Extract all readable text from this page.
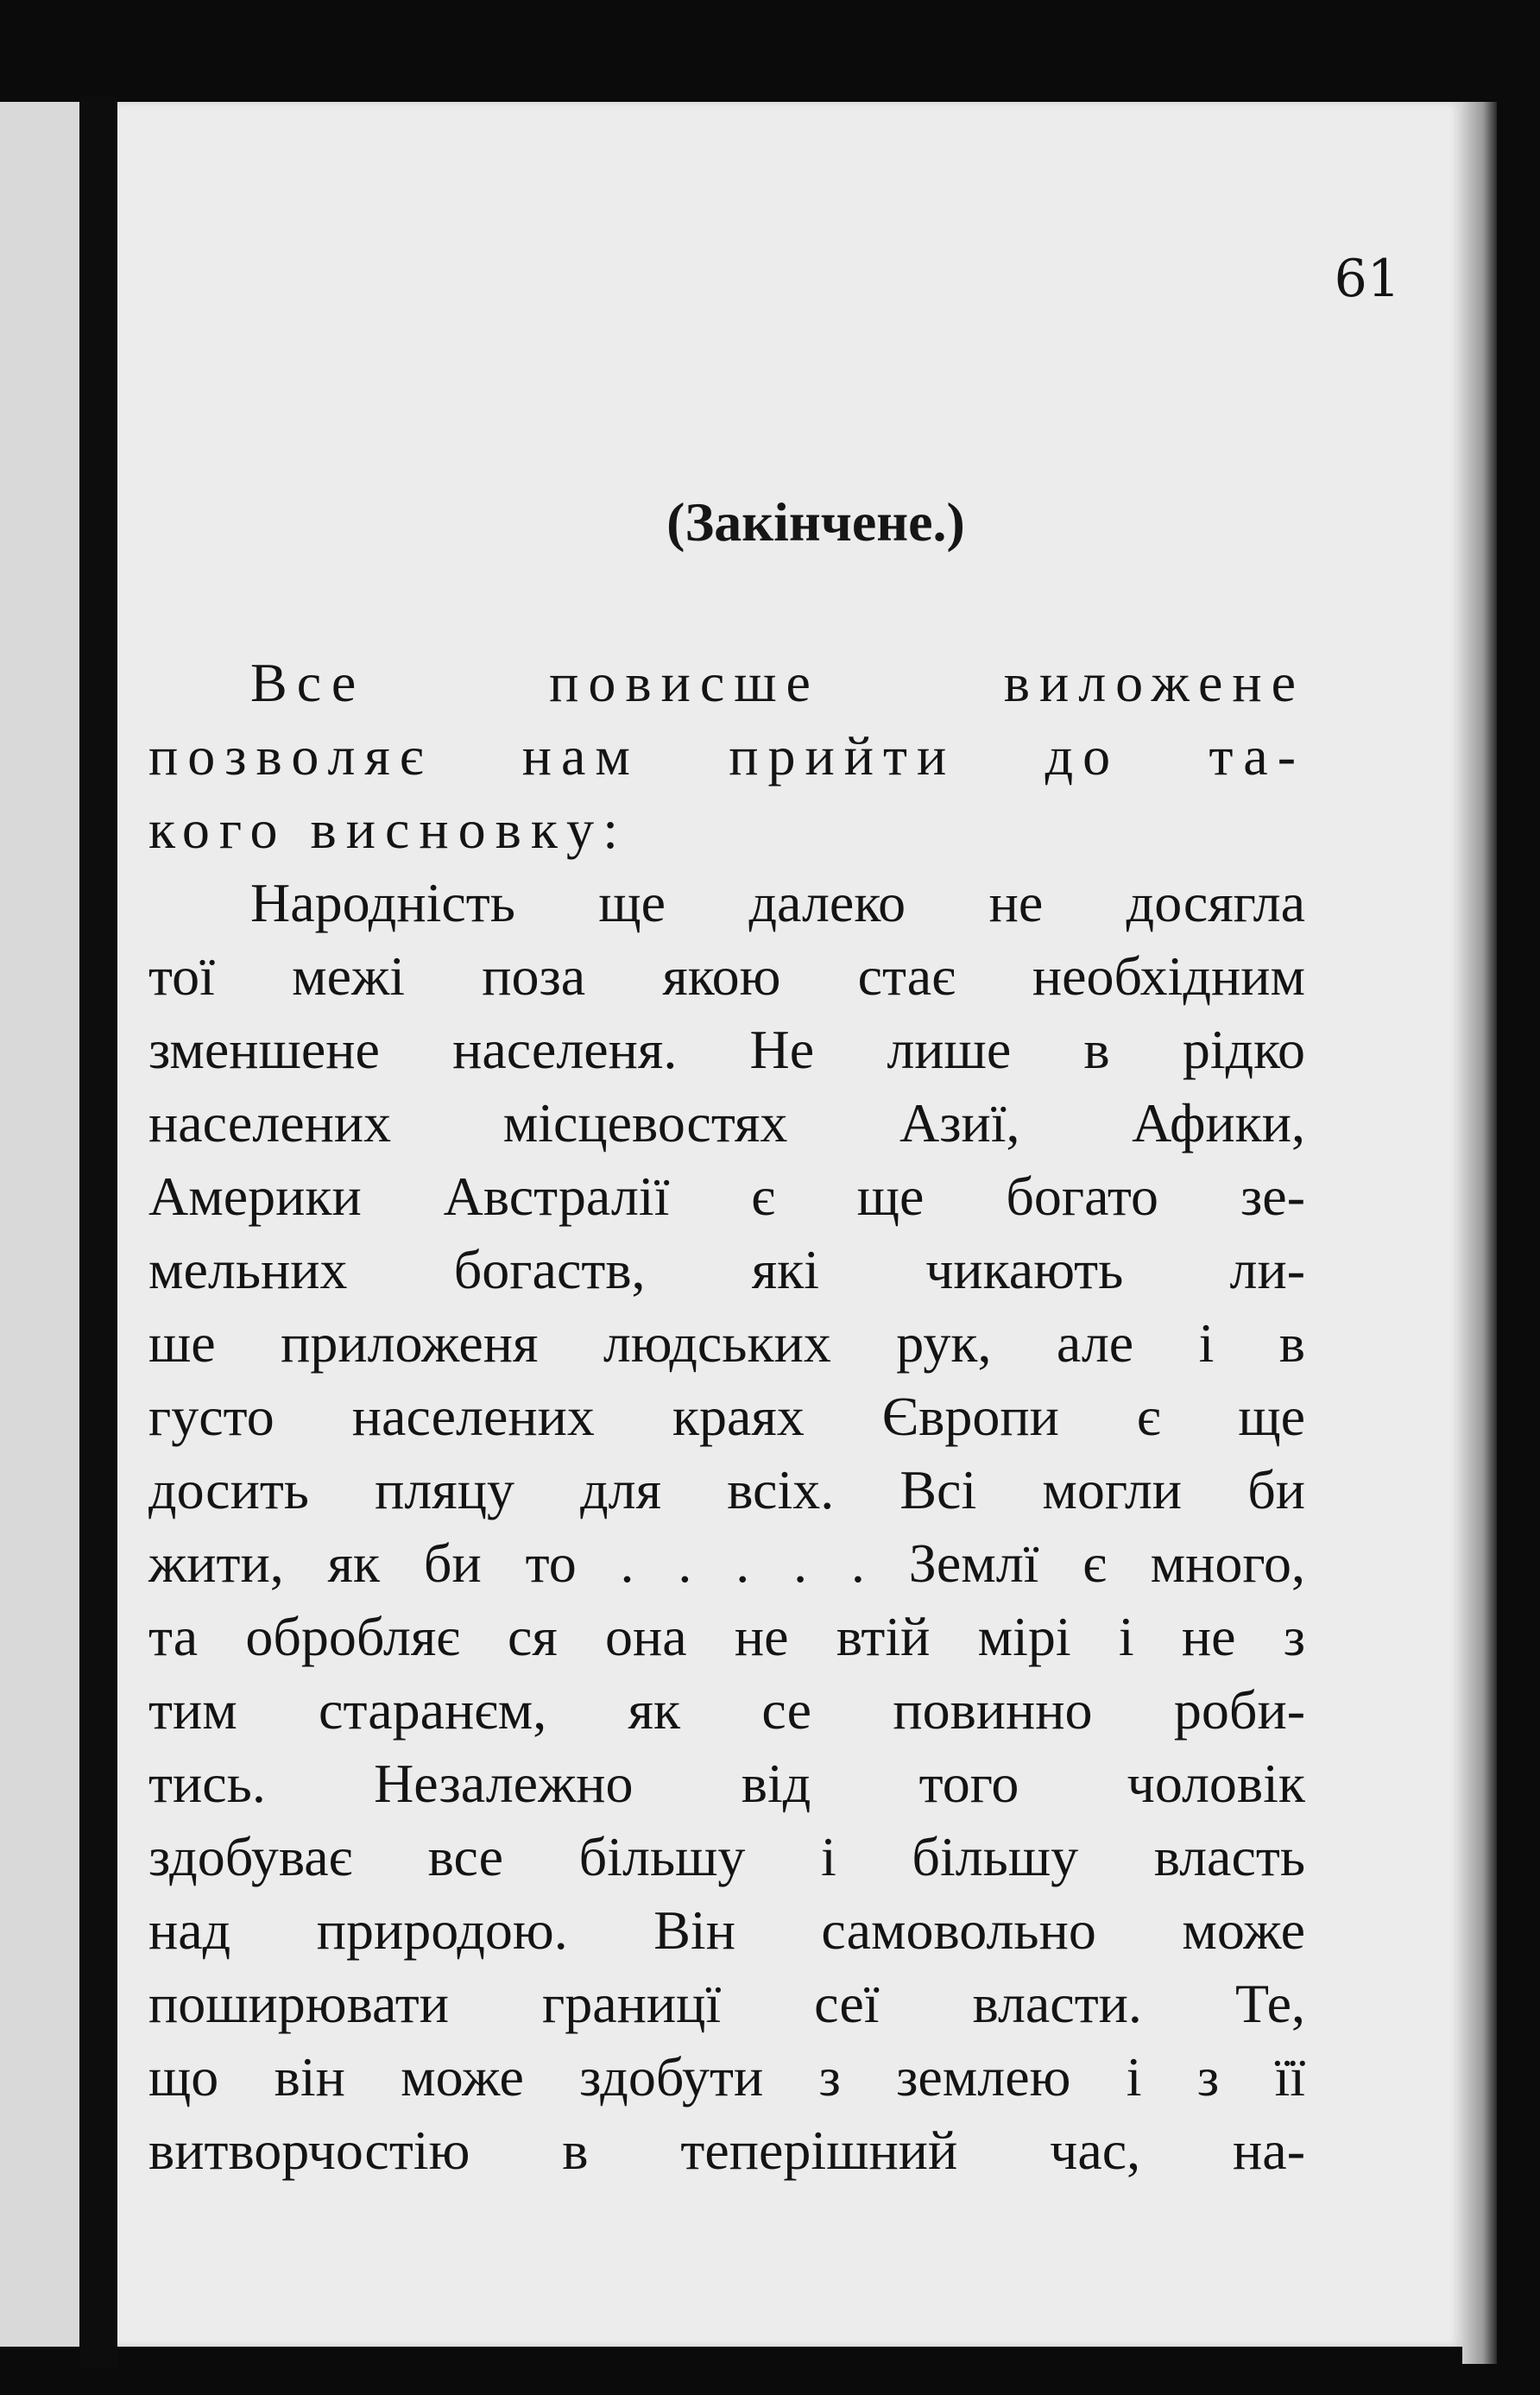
61

(Закінчене.)
Все повисше виложене
позволяє нам прийти до та-
кого висновку:
Народність ще далеко не досягла
тої межі поза якою стає необхідним
зменшене населеня. Не лише в рідко
населених місцевостях Азиї, Афики,
Америки Австралії є ще богато зе-
мельних богаств, які чикають ли-
ше приложеня людських рук, але і в
густо населених краях Європи є ще
досить пляцу для всіх. Всі могли би
жити, як би то . . . . . Землї є много,
та обробляє ся она не втій мірі і не з
тим старанєм, як се повинно роби-
тись. Незалежно від того чоловік
здобуває все більшу і більшу власть
над природою. Він самовольно може
поширювати границї сеї власти. Те,
що він може здобути з землею і з її
витворчостію в теперішний час, на-
